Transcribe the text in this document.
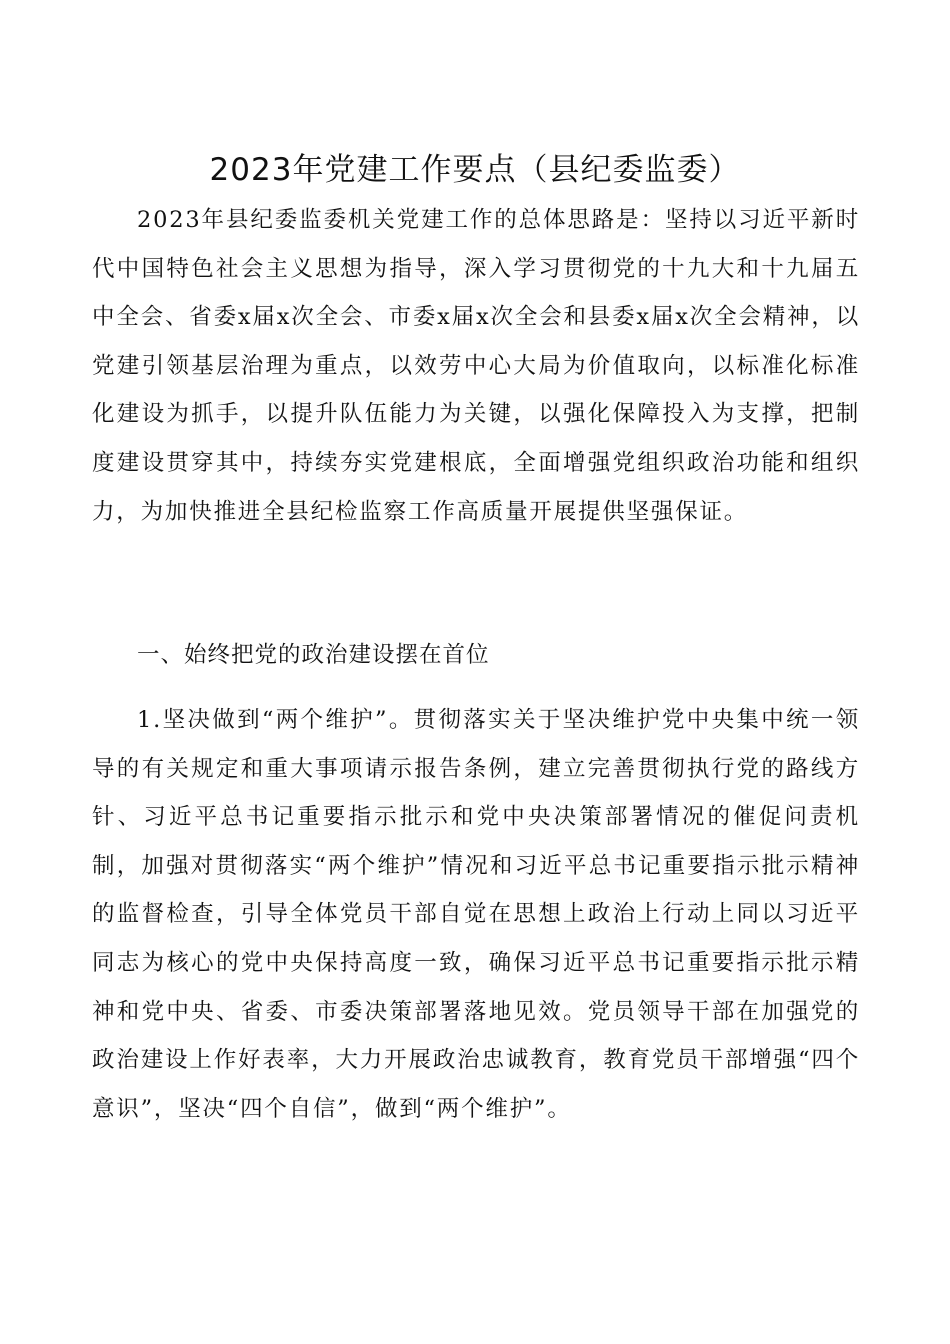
2023年党建工作要点（县纪委监委）

2023年县纪委监委机关党建工作的总体思路是：坚持以习近平新时代中国特色社会主义思想为指导，深入学习贯彻党的十九大和十九届五中全会、省委x届x次全会、市委x届x次全会和县委x届x次全会精神，以党建引领基层治理为重点，以效劳中心大局为价值取向，以标准化标准化建设为抓手，以提升队伍能力为关键，以强化保障投入为支撑，把制度建设贯穿其中，持续夯实党建根底，全面增强党组织政治功能和组织力，为加快推进全县纪检监察工作高质量开展提供坚强保证。

一、始终把党的政治建设摆在首位

1.坚决做到“两个维护”。贯彻落实关于坚决维护党中央集中统一领导的有关规定和重大事项请示报告条例，建立完善贯彻执行党的路线方针、习近平总书记重要指示批示和党中央决策部署情况的催促问责机制，加强对贯彻落实“两个维护”情况和习近平总书记重要指示批示精神的监督检查，引导全体党员干部自觉在思想上政治上行动上同以习近平同志为核心的党中央保持高度一致，确保习近平总书记重要指示批示精神和党中央、省委、市委决策部署落地见效。党员领导干部在加强党的政治建设上作好表率，大力开展政治忠诚教育，教育党员干部增强“四个意识”，坚决“四个自信”，做到“两个维护”。
